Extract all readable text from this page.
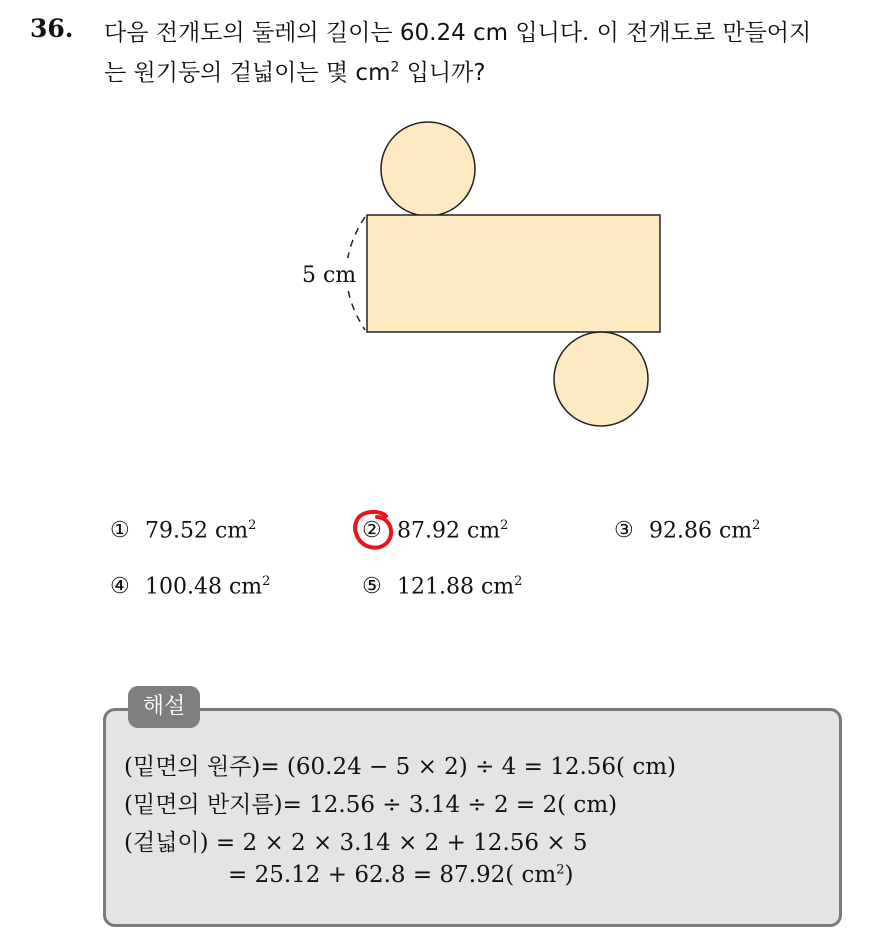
36. 다음 전개도의 둘레의 길이는 60.24 cm 입니다. 이 전개도로 만들어지
는 원기둥의 겉넓이는 몇 $cm^2$ 입니까?
5 cm
① 79.52 $cm^2$	② 87.92 $cm^2$	③ 92.86 $cm^2$
④ 100.48 $cm^2$	⑤ 121.88 $cm^2$
해설
(밑면의 원주)= (60.24 − 5 × 2) ÷ 4 = 12.56( cm)
(밑면의 반지름)= 12.56 ÷ 3.14 ÷ 2 = 2( cm)
(겉넓이) = 2 × 2 × 3.14 × 2 + 12.56 × 5
= 25.12 + 62.8 = 87.92( $cm^2$)
